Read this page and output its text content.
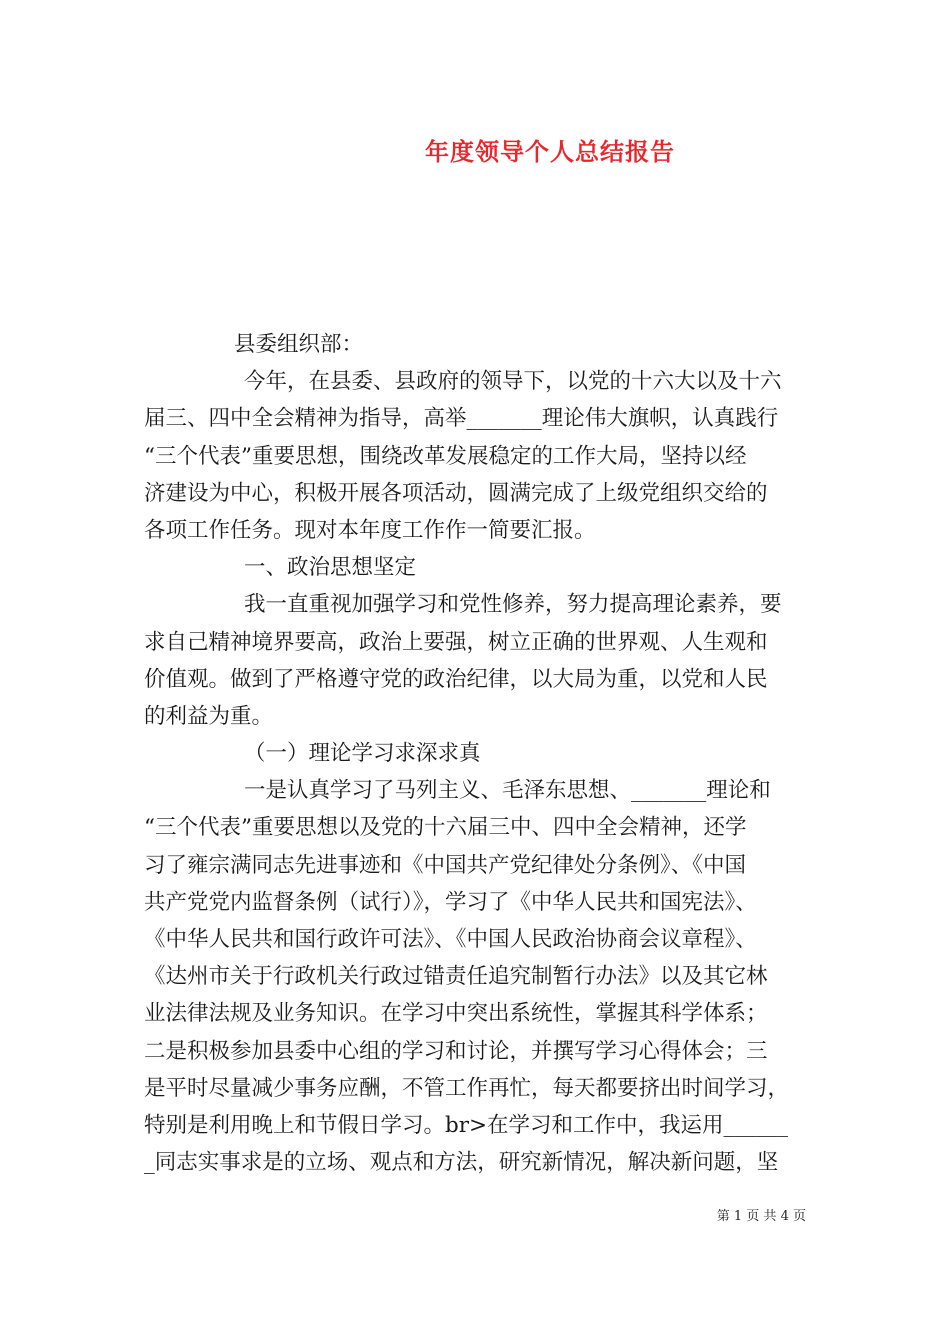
年度领导个人总结报告
县委组织部：
今年，在县委、县政府的领导下，以党的十六大以及十六
届三、四中全会精神为指导，高举_______理论伟大旗帜，认真践行
“三个代表”重要思想，围绕改革发展稳定的工作大局，坚持以经
济建设为中心，积极开展各项活动，圆满完成了上级党组织交给的
各项工作任务。现对本年度工作作一简要汇报。
一、政治思想坚定
我一直重视加强学习和党性修养，努力提高理论素养，要
求自己精神境界要高，政治上要强，树立正确的世界观、人生观和
价值观。做到了严格遵守党的政治纪律，以大局为重，以党和人民
的利益为重。
（一）理论学习求深求真
一是认真学习了马列主义、毛泽东思想、_______理论和
“三个代表”重要思想以及党的十六届三中、四中全会精神，还学
习了雍宗满同志先进事迹和《中国共产党纪律处分条例》、《中国
共产党党内监督条例（试行）》，学习了《中华人民共和国宪法》、
《中华人民共和国行政许可法》、《中国人民政治协商会议章程》、
《达州市关于行政机关行政过错责任追究制暂行办法》以及其它林
业法律法规及业务知识。在学习中突出系统性，掌握其科学体系；
二是积极参加县委中心组的学习和讨论，并撰写学习心得体会；三
是平时尽量减少事务应酬，不管工作再忙，每天都要挤出时间学习，
特别是利用晚上和节假日学习。br>在学习和工作中，我运用______
_同志实事求是的立场、观点和方法，研究新情况，解决新问题，坚
第 1 页 共 4 页
